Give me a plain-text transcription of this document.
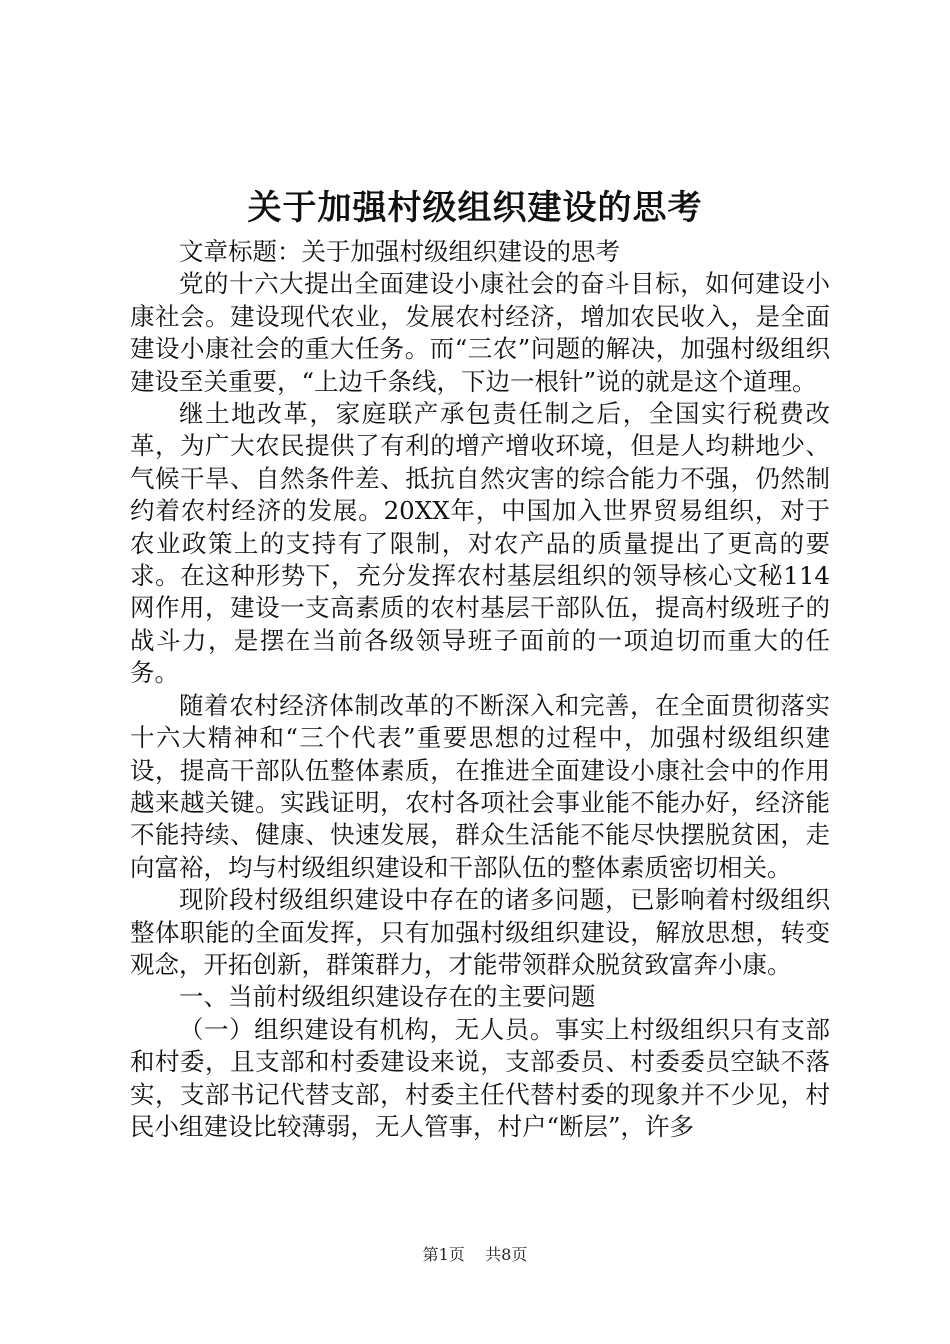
关于加强村级组织建设的思考

文章标题：关于加强村级组织建设的思考

党的十六大提出全面建设小康社会的奋斗目标，如何建设小康社会。建设现代农业，发展农村经济，增加农民收入，是全面建设小康社会的重大任务。而“三农”问题的解决，加强村级组织建设至关重要，“上边千条线，下边一根针”说的就是这个道理。

继土地改革，家庭联产承包责任制之后，全国实行税费改革，为广大农民提供了有利的增产增收环境，但是人均耕地少、气候干旱、自然条件差、抵抗自然灾害的综合能力不强，仍然制约着农村经济的发展。20XX年，中国加入世界贸易组织，对于农业政策上的支持有了限制，对农产品的质量提出了更高的要求。在这种形势下，充分发挥农村基层组织的领导核心文秘114网作用，建设一支高素质的农村基层干部队伍，提高村级班子的战斗力，是摆在当前各级领导班子面前的一项迫切而重大的任务。

随着农村经济体制改革的不断深入和完善，在全面贯彻落实十六大精神和“三个代表”重要思想的过程中，加强村级组织建设，提高干部队伍整体素质，在推进全面建设小康社会中的作用越来越关键。实践证明，农村各项社会事业能不能办好，经济能不能持续、健康、快速发展，群众生活能不能尽快摆脱贫困，走向富裕，均与村级组织建设和干部队伍的整体素质密切相关。

现阶段村级组织建设中存在的诸多问题，已影响着村级组织整体职能的全面发挥，只有加强村级组织建设，解放思想，转变观念，开拓创新，群策群力，才能带领群众脱贫致富奔小康。

一、当前村级组织建设存在的主要问题

（一）组织建设有机构，无人员。事实上村级组织只有支部和村委，且支部和村委建设来说，支部委员、村委委员空缺不落实，支部书记代替支部，村委主任代替村委的现象并不少见，村民小组建设比较薄弱，无人管事，村户“断层”，许多

第1页 共8页
